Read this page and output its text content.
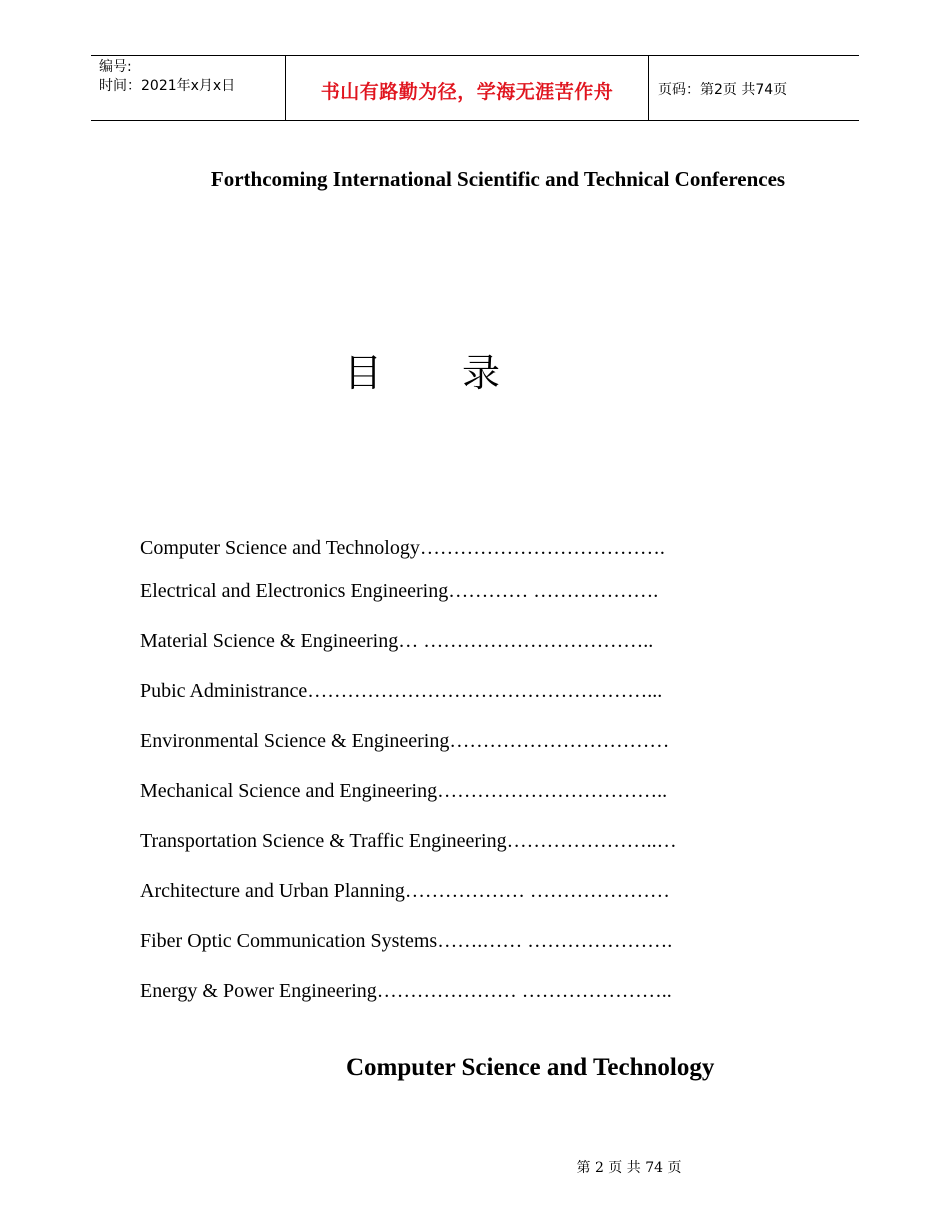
编号:
时间：2021年x月x日	书山有路勤为径，学海无涯苦作舟	页码：第2页 共74页
Forthcoming International Scientific and Technical Conferences
目 录
Computer Science and Technology……………………………….
Electrical and Electronics Engineering………… ……………….
Material Science & Engineering… ……………………………..
Pubic Administrance……………………………………………...
Environmental Science & Engineering……………………………
Mechanical Science and Engineering……………………………..
Transportation Science & Traffic Engineering…………………..…
Architecture and Urban Planning……………… …………………
Fiber Optic Communication Systems…….…… ………………….
Energy & Power Engineering………………… …………………..
Computer Science and Technology
第 2 页 共 74 页
